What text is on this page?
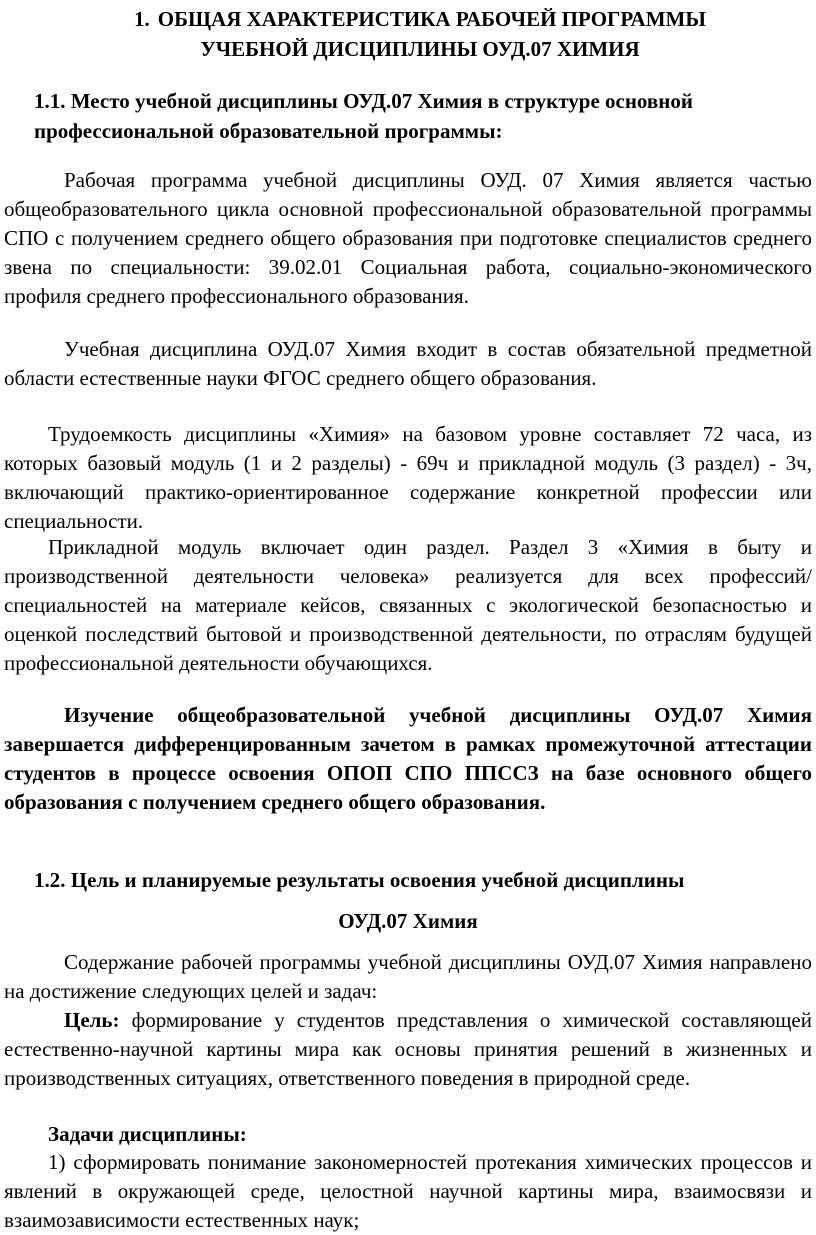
1. ОБЩАЯ ХАРАКТЕРИСТИКА РАБОЧЕЙ ПРОГРАММЫ
УЧЕБНОЙ ДИСЦИПЛИНЫ ОУД.07 ХИМИЯ
1.1. Место учебной дисциплины ОУД.07 Химия в структуре основной
профессиональной образовательной программы:

Рабочая программа учебной дисциплины ОУД. 07 Химия является частью общеобразовательного цикла основной профессиональной образовательной программы СПО с получением среднего общего образования при подготовке специалистов среднего звена по специальности: 39.02.01 Социальная работа, социально-экономического профиля среднего профессионального образования.

Учебная дисциплина ОУД.07 Химия входит в состав обязательной предметной области естественные науки ФГОС среднего общего образования.

Трудоемкость дисциплины «Химия» на базовом уровне составляет 72 часа, из которых базовый модуль (1 и 2 разделы) - 69ч и прикладной модуль (3 раздел) - 3ч, включающий практико-ориентированное содержание конкретной профессии или специальности.

Прикладной модуль включает один раздел. Раздел 3 «Химия в быту и производственной деятельности человека» реализуется для всех профессий/специальностей на материале кейсов, связанных с экологической безопасностью и оценкой последствий бытовой и производственной деятельности, по отраслям будущей профессиональной деятельности обучающихся.

Изучение общеобразовательной учебной дисциплины ОУД.07 Химия завершается дифференцированным зачетом в рамках промежуточной аттестации студентов в процессе освоения ОПОП СПО ППССЗ на базе основного общего образования с получением среднего общего образования.

1.2. Цель и планируемые результаты освоения учебной дисциплины
ОУД.07 Химия

Содержание рабочей программы учебной дисциплины ОУД.07 Химия направлено на достижение следующих целей и задач:

Цель: формирование у студентов представления о химической составляющей естественно-научной картины мира как основы принятия решений в жизненных и производственных ситуациях, ответственного поведения в природной среде.

Задачи дисциплины:

1) сформировать понимание закономерностей протекания химических процессов и явлений в окружающей среде, целостной научной картины мира, взаимосвязи и взаимозависимости естественных наук;
